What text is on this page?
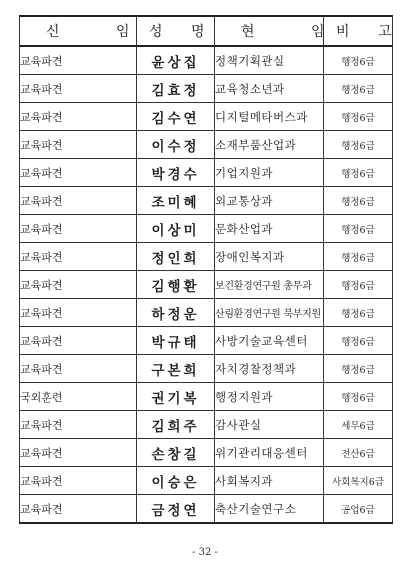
신 임	성 명	현 임	비 고
교육파견	윤상집	정책기획관실	행정6급
교육파견	김효정	교육청소년과	행정6급
교육파견	김수연	디지털메타버스과	행정6급
교육파견	이수정	소재부품산업과	행정6급
교육파견	박경수	기업지원과	행정6급
교육파견	조미혜	외교통상과	행정6급
교육파견	이상미	문화산업과	행정6급
교육파견	정인희	장애인복지과	행정6급
교육파견	김행환	보건환경연구원 총무과	행정6급
교육파견	하정운	산림환경연구원 북부지원	행정6급
교육파견	박규태	사방기술교육센터	행정6급
교육파견	구본희	자치경찰정책과	행정6급
국외훈련	권기복	행정지원과	행정6급
교육파견	김희주	감사관실	세무6급
교육파견	손창길	위기관리대응센터	전산6급
교육파견	이승은	사회복지과	사회복지6급
교육파견	금정연	축산기술연구소	공업6급
- 32 -
